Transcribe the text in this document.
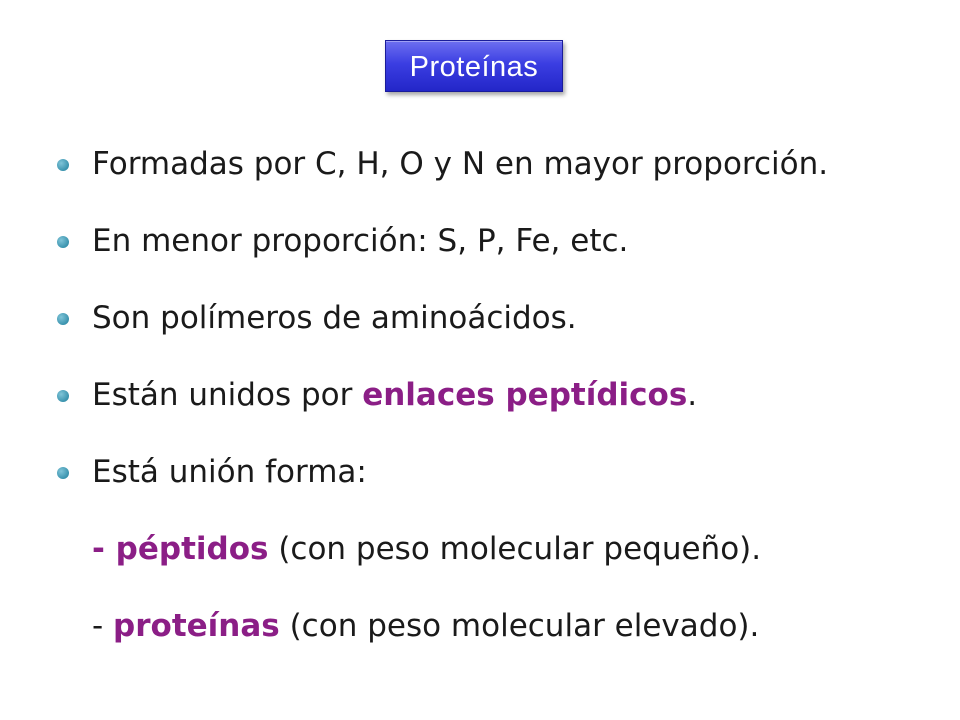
Proteínas
Formadas por C, H, O y N en mayor proporción.
En menor proporción: S, P, Fe, etc.
Son polímeros de aminoácidos.
Están unidos por enlaces peptídicos.
Está unión forma:
- péptidos (con peso molecular pequeño).
- proteínas (con peso molecular elevado).
